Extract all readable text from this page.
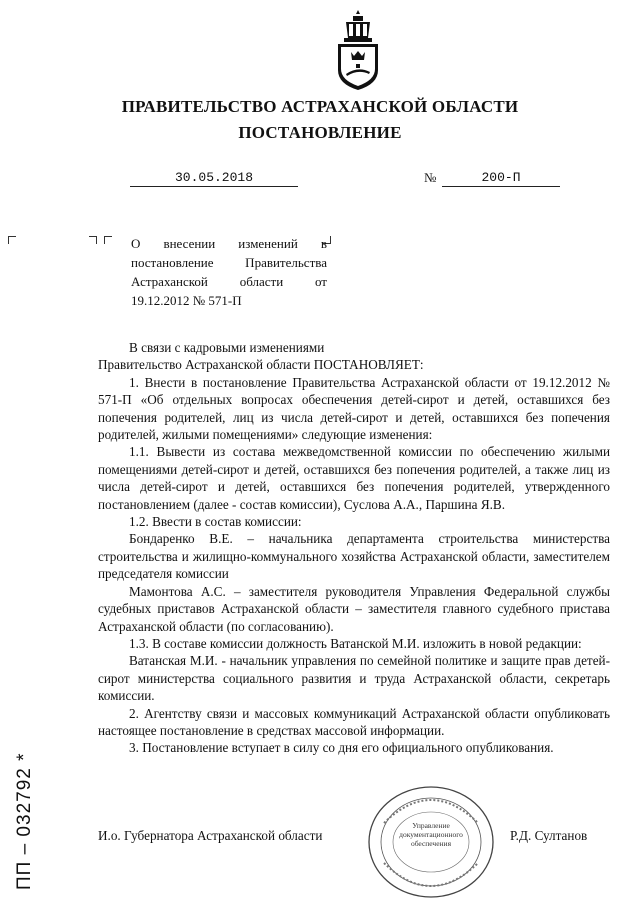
ПРАВИТЕЛЬСТВО АСТРАХАНСКОЙ ОБЛАСТИ
ПОСТАНОВЛЕНИЕ
30.05.2018	№	200-П
О внесении изменений в постановление Правительства Астраханской области от 19.12.2012 № 571-П

В связи с кадровыми изменениями

Правительство Астраханской области ПОСТАНОВЛЯЕТ:

1. Внести в постановление Правительства Астраханской области от 19.12.2012 № 571-П «Об отдельных вопросах обеспечения детей-сирот и детей, оставшихся без попечения родителей, лиц из числа детей-сирот и детей, оставшихся без попечения родителей, жилыми помещениями» следующие изменения:

1.1. Вывести из состава межведомственной комиссии по обеспечению жилыми помещениями детей-сирот и детей, оставшихся без попечения родителей, а также лиц из числа детей-сирот и детей, оставшихся без попечения родителей, утвержденного постановлением (далее - состав комиссии), Суслова А.А., Паршина Я.В.

1.2. Ввести в состав комиссии:

Бондаренко В.Е. – начальника департамента строительства министерства строительства и жилищно-коммунального хозяйства Астраханской области, заместителем председателя комиссии

Мамонтова А.С. – заместителя руководителя Управления Федеральной службы судебных приставов Астраханской области – заместителя главного судебного пристава Астраханской области (по согласованию).

1.3. В составе комиссии должность Ватанской М.И. изложить в новой редакции:

Ватанская М.И. - начальник управления по семейной политике и защите прав детей-сирот министерства социального развития и труда Астраханской области, секретарь комиссии.

2. Агентству связи и массовых коммуникаций Астраханской области опубликовать настоящее постановление в средствах массовой информации.

3. Постановление вступает в силу со дня его официального опубликования.

Управление документационного обеспечения
И.о. Губернатора Астраханской области	Р.Д. Султанов
ПП – 032792 *
